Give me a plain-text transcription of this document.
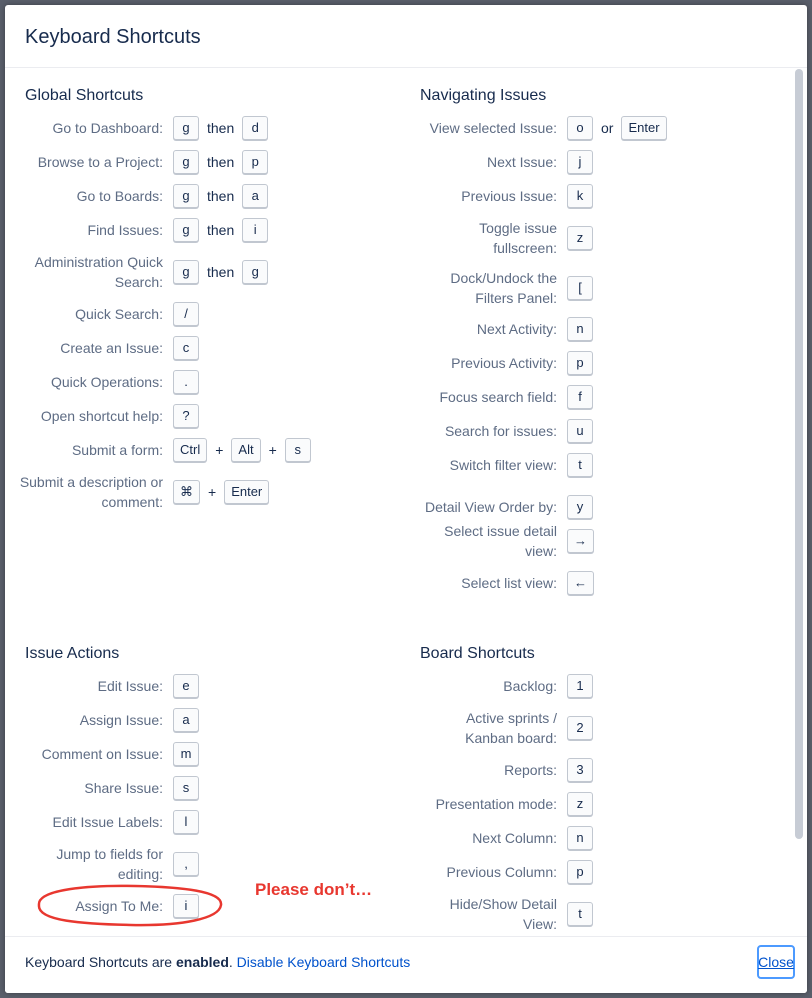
Keyboard Shortcuts
Global Shortcuts
Go to Dashboard:	g	then	d
Browse to a Project:	g	then	p
Go to Boards:	g	then	a
Find Issues:	g	then	i
Administration Quick Search:
g	then	g
Quick Search:	/
Create an Issue:	c
Quick Operations:	.
Open shortcut help:	?
Submit a form:	Ctrl	+	Alt	+	s
Submit a description or comment:
⌘	+	Enter
Navigating Issues
View selected Issue:	o	or	Enter
Next Issue:	j
Previous Issue:	k
Toggle issue fullscreen:
z
Dock/Undock the Filters Panel:
[
Next Activity:	n
Previous Activity:	p
Focus search field:	f
Search for issues:	u
Switch filter view:	t
Detail View Order by:	y
Select issue detail view:
→
Select list view:	←
Issue Actions
Edit Issue:	e
Assign Issue:	a
Comment on Issue:	m
Share Issue:	s
Edit Issue Labels:	l
Jump to fields for editing:
,
Assign To Me:	i
Board Shortcuts
Backlog:	1
Active sprints / Kanban board:
2
Reports:	3
Presentation mode:	z
Next Column:	n
Previous Column:	p
Hide/Show Detail View:
t
Please don’t…
Keyboard Shortcuts are enabled. Disable Keyboard Shortcuts	Close
